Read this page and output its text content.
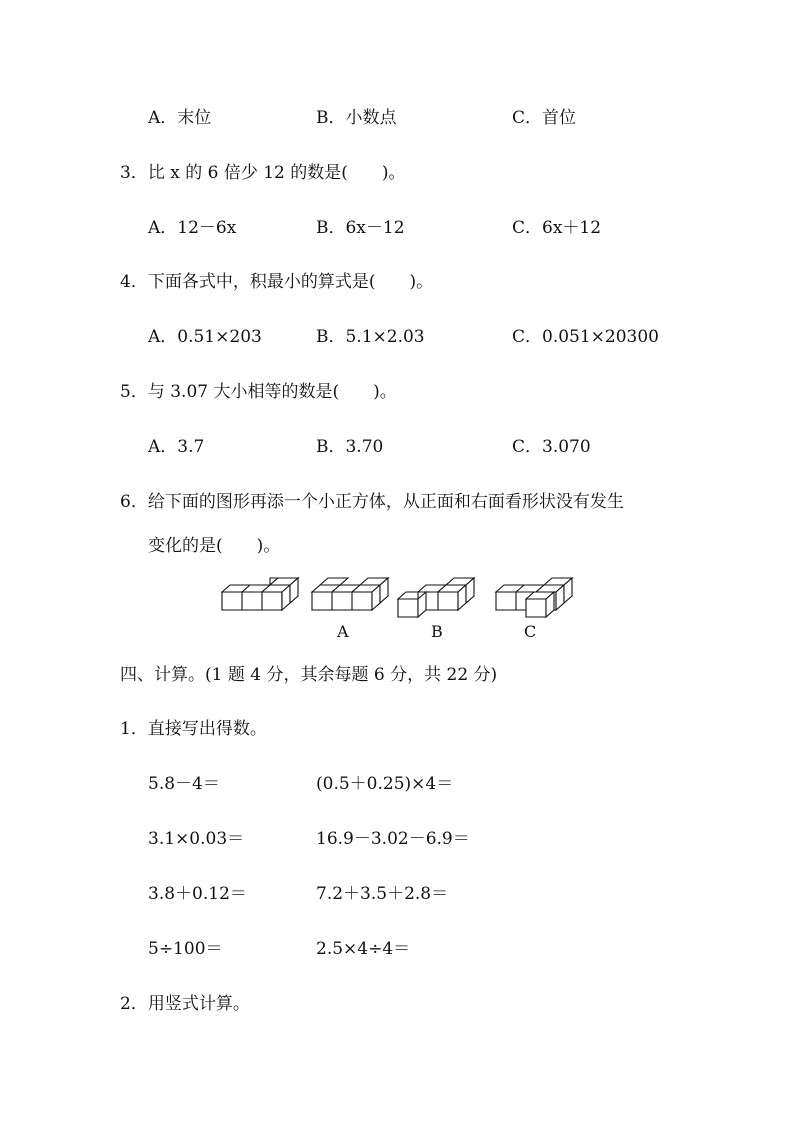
A．末位	B．小数点	C．首位
3．比 x 的 6 倍少 12 的数是(　　)。
A．12－6x	B．6x－12	C．6x＋12
4．下面各式中，积最小的算式是(　　)。
A．0.51×203	B．5.1×2.03	C．0.051×20300
5．与 3.07 大小相等的数是(　　)。
A．3.7	B．3.70	C．3.070
6．给下面的图形再添一个小正方体，从正面和右面看形状没有发生
变化的是(　　)。
A	B	C
四、计算。(1 题 4 分，其余每题 6 分，共 22 分)
1．直接写出得数。
5.8－4＝	(0.5＋0.25)×4＝
3.1×0.03＝	16.9－3.02－6.9＝
3.8＋0.12＝	7.2＋3.5＋2.8＝
5÷100＝	2.5×4÷4＝
2．用竖式计算。
